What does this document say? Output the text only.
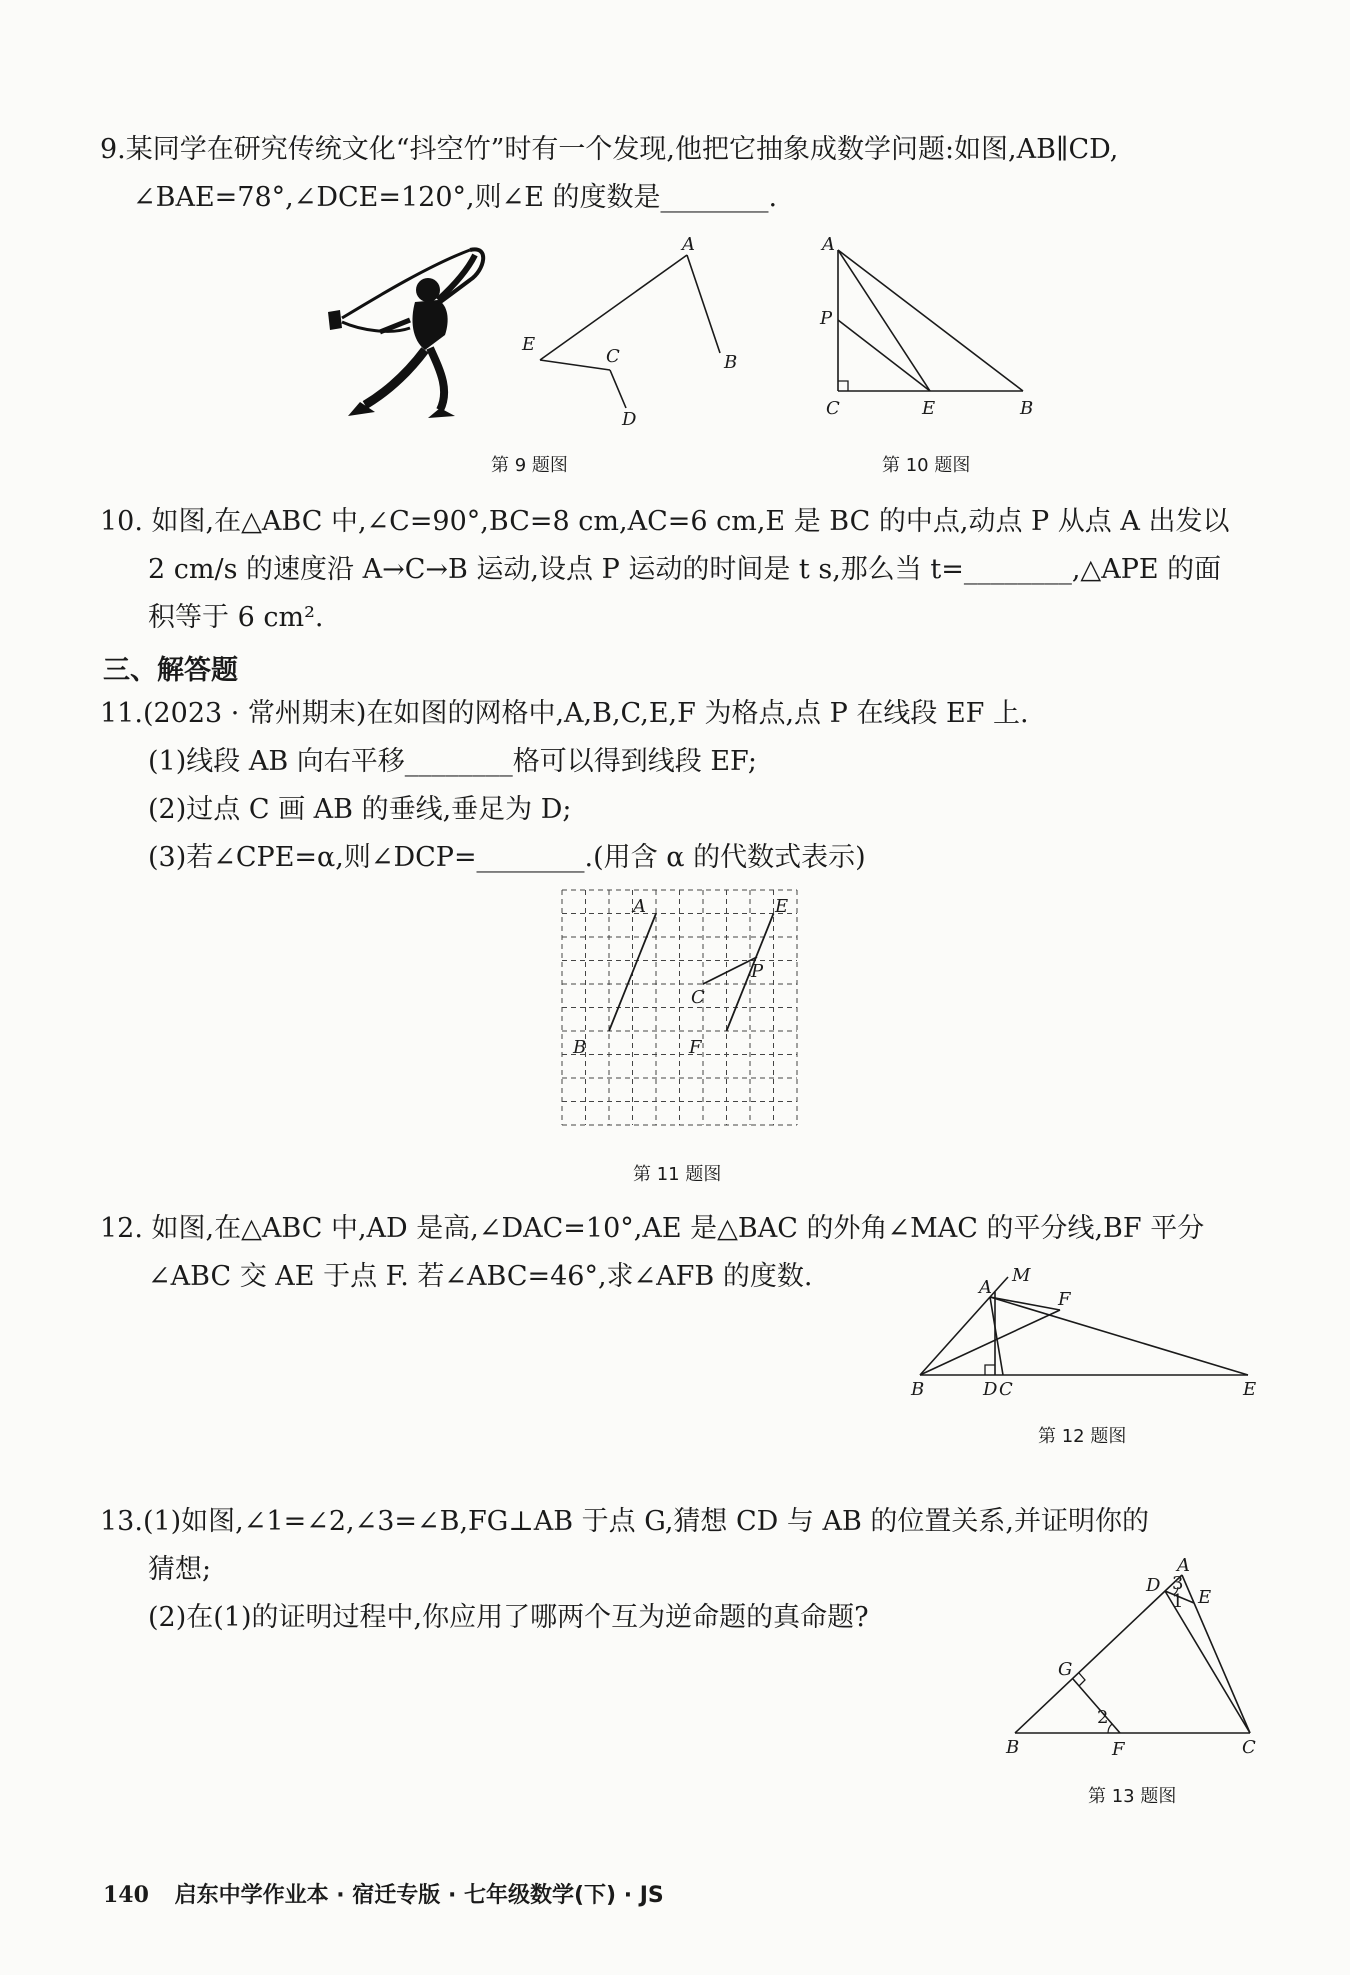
9.某同学在研究传统文化“抖空竹”时有一个发现,他把它抽象成数学问题:如图,AB∥CD,
∠BAE=78°,∠DCE=120°,则∠E 的度数是________.
A
B
C
D
E
第 9 题图
A
P
C	E	B
第 10 题图
10. 如图,在△ABC 中,∠C=90°,BC=8 cm,AC=6 cm,E 是 BC 的中点,动点 P 从点 A 出发以
2 cm/s 的速度沿 A→C→B 运动,设点 P 运动的时间是 t s,那么当 t=________,△APE 的面
积等于 6 cm².
三、解答题
11.(2023 · 常州期末)在如图的网格中,A,B,C,E,F 为格点,点 P 在线段 EF 上.
(1)线段 AB 向右平移________格可以得到线段 EF;
(2)过点 C 画 AB 的垂线,垂足为 D;
(3)若∠CPE=α,则∠DCP=________.(用含 α 的代数式表示)
A	E
P
C
B	F
第 11 题图
12. 如图,在△ABC 中,AD 是高,∠DAC=10°,AE 是△BAC 的外角∠MAC 的平分线,BF 平分
∠ABC 交 AE 于点 F. 若∠ABC=46°,求∠AFB 的度数.	A
M
F
B	D C	E
第 12 题图
13.(1)如图,∠1=∠2,∠3=∠B,FG⊥AB 于点 G,猜想 CD 与 AB 的位置关系,并证明你的
猜想;
(2)在(1)的证明过程中,你应用了哪两个互为逆命题的真命题?
A
D
E
3
1
G
2
B	F	C
第 13 题图
140 启东中学作业本 · 宿迁专版 · 七年级数学(下) · JS
